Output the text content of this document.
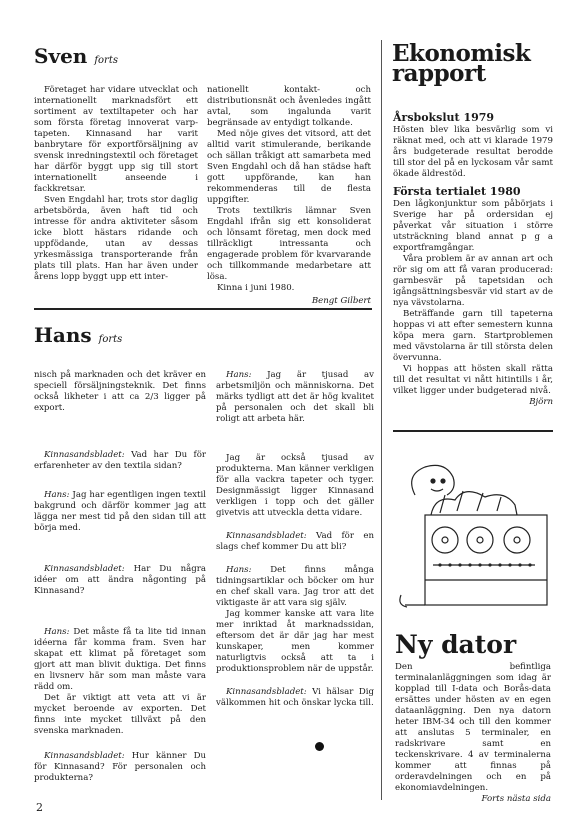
Sven forts

Företaget har vidare utvecklat och internationellt marknadsfört ett sortiment av textiltapeter och har som första företag innoverat varp-tapeten. Kinnasand har varit banbrytare för exportförsäljning av svensk inredningstextil och företaget har därför byggt upp sig till stort internationellt anseende i fackkretsar.

Sven Engdahl har, trots stor daglig arbetsbörda, även haft tid och intresse för andra aktiviteter såsom icke blott hästars ridande och uppfödande, utan av dessas yrkesmässiga transporterande från plats till plats. Han har även under årens lopp byggt upp ett inter-

nationellt kontakt- och distributionsnät och åvenledes ingått avtal, som ingalunda varit begränsade av entydigt tolkande.

Med nöje gives det vitsord, att det alltid varit stimulerande, berikande och sällan tråkigt att samarbeta med Sven Engdahl och då han städse haft gott uppförande, kan han rekommenderas till de flesta uppgifter.

Trots textilkris lämnar Sven Engdahl ifrån sig ett konsoliderat och lönsamt företag, men dock med tillräckligt intressanta och engagerade problem för kvarvarande och tillkommande medarbetare att lösa.

Kinna i juni 1980.

Bengt Gilbert
Hans forts

nisch på marknaden och det kräver en speciell försäljningsteknik. Det finns också likheter i att ca 2/3 ligger på export.

Kinnasandsbladet: Vad har Du för erfarenheter av den textila sidan?

Hans: Jag har egentligen ingen textil bakgrund och därför kommer jag att lägga ner mest tid på den sidan till att börja med.

Kinnasandsbladet: Har Du några idéer om att ändra någonting på Kinnasand?

Hans: Det måste få ta lite tid innan idéerna får komma fram. Sven har skapat ett klimat på företaget som gjort att man blivit duktiga. Det finns en livsnerv här som man måste vara rädd om.

Det är viktigt att veta att vi är mycket beroende av exporten. Det finns inte mycket tillväxt på den svenska marknaden.

Kinnasandsbladet: Hur känner Du för Kinnasand? För personalen och produkterna?

Hans: Jag är tjusad av arbetsmiljön och människorna. Det märks tydligt att det är hög kvalitet på personalen och det skall bli roligt att arbeta här.

Jag är också tjusad av produkterna. Man känner verkligen för alla vackra tapeter och tyger. Designmässigt ligger Kinnasand verkligen i topp och det gäller givetvis att utveckla detta vidare.

Kinnasandsbladet: Vad för en slags chef kommer Du att bli?

Hans: Det finns många tidningsartiklar och böcker om hur en chef skall vara. Jag tror att det viktigaste är att vara sig själv.

Jag kommer kanske att vara lite mer inriktad åt marknadssidan, eftersom det är där jag har mest kunskaper, men kommer naturligtvis också att ta i produktionsproblem när de uppstår.

Kinnasandsbladet: Vi hälsar Dig välkommen hit och önskar lycka till.

Ekonomisk
rapport
Årsbokslut 1979

Hösten blev lika besvärlig som vi räknat med, och att vi klarade 1979 års budgeterade resultat berodde till stor del på en lyckosam vår samt ökade äldrestöd.

Första tertialet 1980

Den lågkonjunktur som påbörjats i Sverige har på ordersidan ej påverkat vår situation i större utsträckning bland annat p g a exportframgångar.

Våra problem är av annan art och rör sig om att få varan producerad: garnbesvär på tapetsidan och igångsättningsbesvär vid start av de nya vävstolarna.

Beträffande garn till tapeterna hoppas vi att efter semestern kunna köpa mera garn. Startproblemen med vävstolarna är till största delen övervunna.

Vi hoppas att hösten skall rätta till det resultat vi nått hitintills i år, vilket ligger under budgeterad nivå.

Björn
Ny dator

Den befintliga terminalanläggningen som idag är kopplad till I-data och Borås-data ersättes under hösten av en egen dataanläggning. Den nya datorn heter IBM-34 och till den kommer att anslutas 5 terminaler, en radskrivare samt en teckenskrivare. 4 av terminalerna kommer att finnas på orderavdelningen och en på ekonomiavdelningen.

Forts nästa sida
2
